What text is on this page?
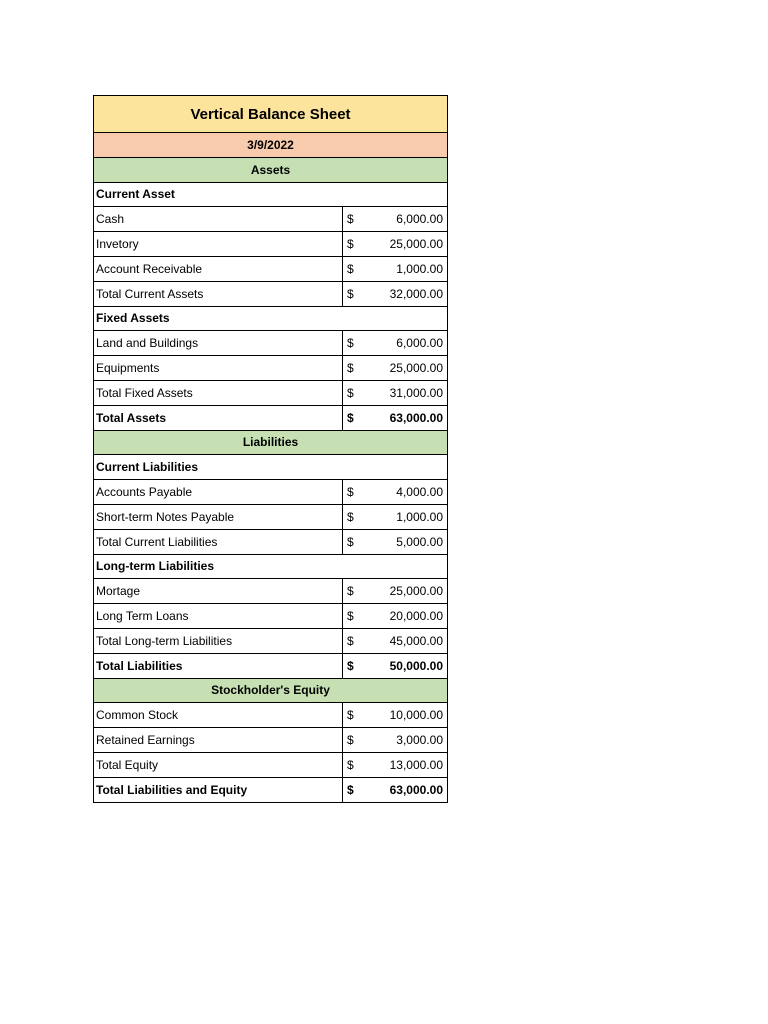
Vertical Balance Sheet		
3/9/2022		
Assets		
Current Asset		
Cash	$	6,000.00
Invetory	$	25,000.00
Account Receivable	$	1,000.00
Total Current Assets	$	32,000.00
Fixed Assets		
Land and Buildings	$	6,000.00
Equipments	$	25,000.00
Total Fixed Assets	$	31,000.00
Total Assets	$	63,000.00
Liabilities		
Current Liabilities		
Accounts Payable	$	4,000.00
Short-term Notes Payable	$	1,000.00
Total Current Liabilities	$	5,000.00
Long-term Liabilities		
Mortage	$	25,000.00
Long Term Loans	$	20,000.00
Total Long-term Liabilities	$	45,000.00
Total Liabilities	$	50,000.00
Stockholder's Equity		
Common Stock	$	10,000.00
Retained Earnings	$	3,000.00
Total Equity	$	13,000.00
Total Liabilities and Equity	$	63,000.00
